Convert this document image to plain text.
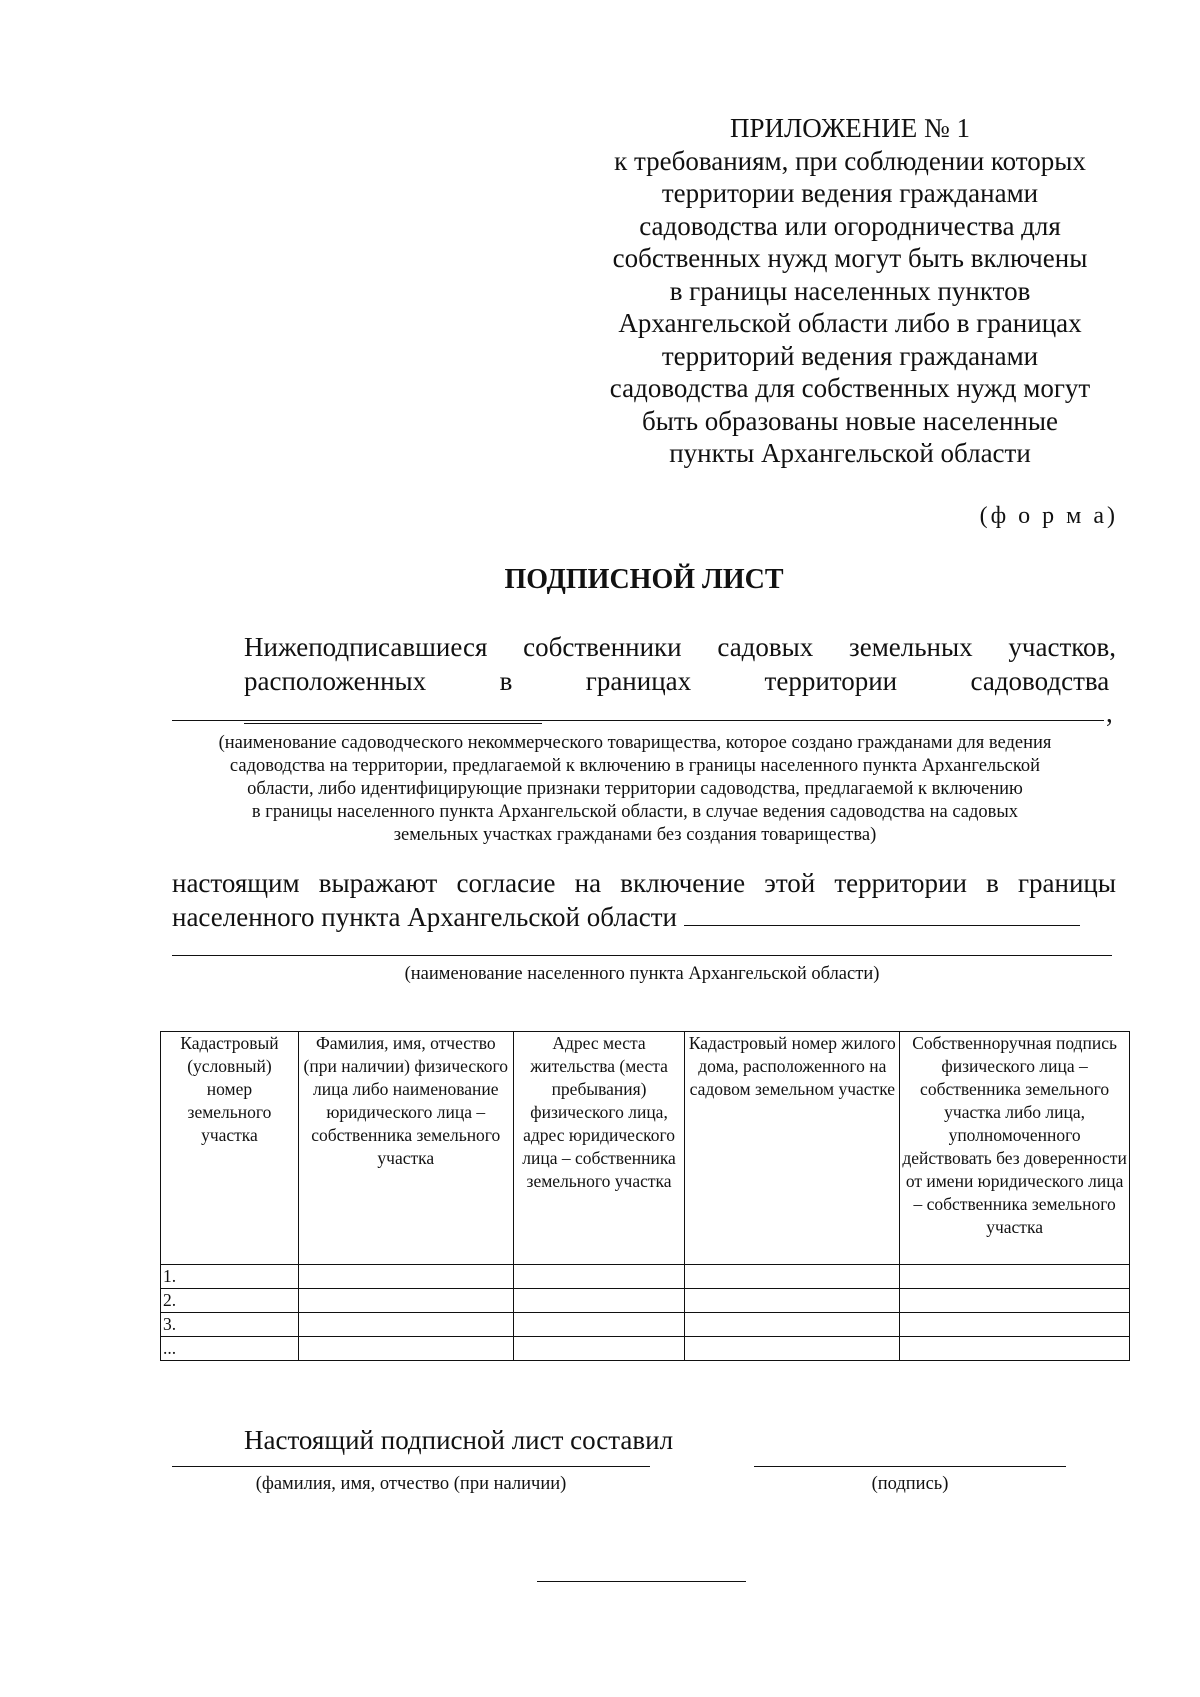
ПРИЛОЖЕНИЕ № 1
к требованиям, при соблюдении которых
территории ведения гражданами
садоводства или огородничества для
собственных нужд могут быть включены
в границы населенных пунктов
Архангельской области либо в границах
территорий ведения гражданами
садоводства для собственных нужд могут
быть образованы новые населенные
пункты Архангельской области
(ф о р м а)
ПОДПИСНОЙ ЛИСТ
Нижеподписавшиеся собственники садовых земельных участков, расположенных в границах территории садоводства
,
(наименование садоводческого некоммерческого товарищества, которое создано гражданами для ведения
садоводства на территории, предлагаемой к включению в границы населенного пункта Архангельской
области, либо идентифицирующие признаки территории садоводства, предлагаемой к включению
в границы населенного пункта Архангельской области, в случае ведения садоводства на садовых
земельных участках гражданами без создания товарищества)
настоящим выражают согласие на включение этой территории в границы населенного пункта Архангельской области
(наименование населенного пункта Архангельской области)
Кадастровый (условный) номер земельного участка	Фамилия, имя, отчество (при наличии) физического лица либо наименование юридического лица – собственника земельного участка	Адрес места жительства (места пребывания) физического лица, адрес юридического лица – собственника земельного участка	Кадастровый номер жилого дома, расположенного на садовом земельном участке	Собственноручная подпись физического лица – собственника земельного участка либо лица, уполномоченного действовать без доверенности от имени юридического лица – собственника земельного участка
1.				
2.				
3.				
...				
Настоящий подписной лист составил
(фамилия, имя, отчество (при наличии)	(подпись)
